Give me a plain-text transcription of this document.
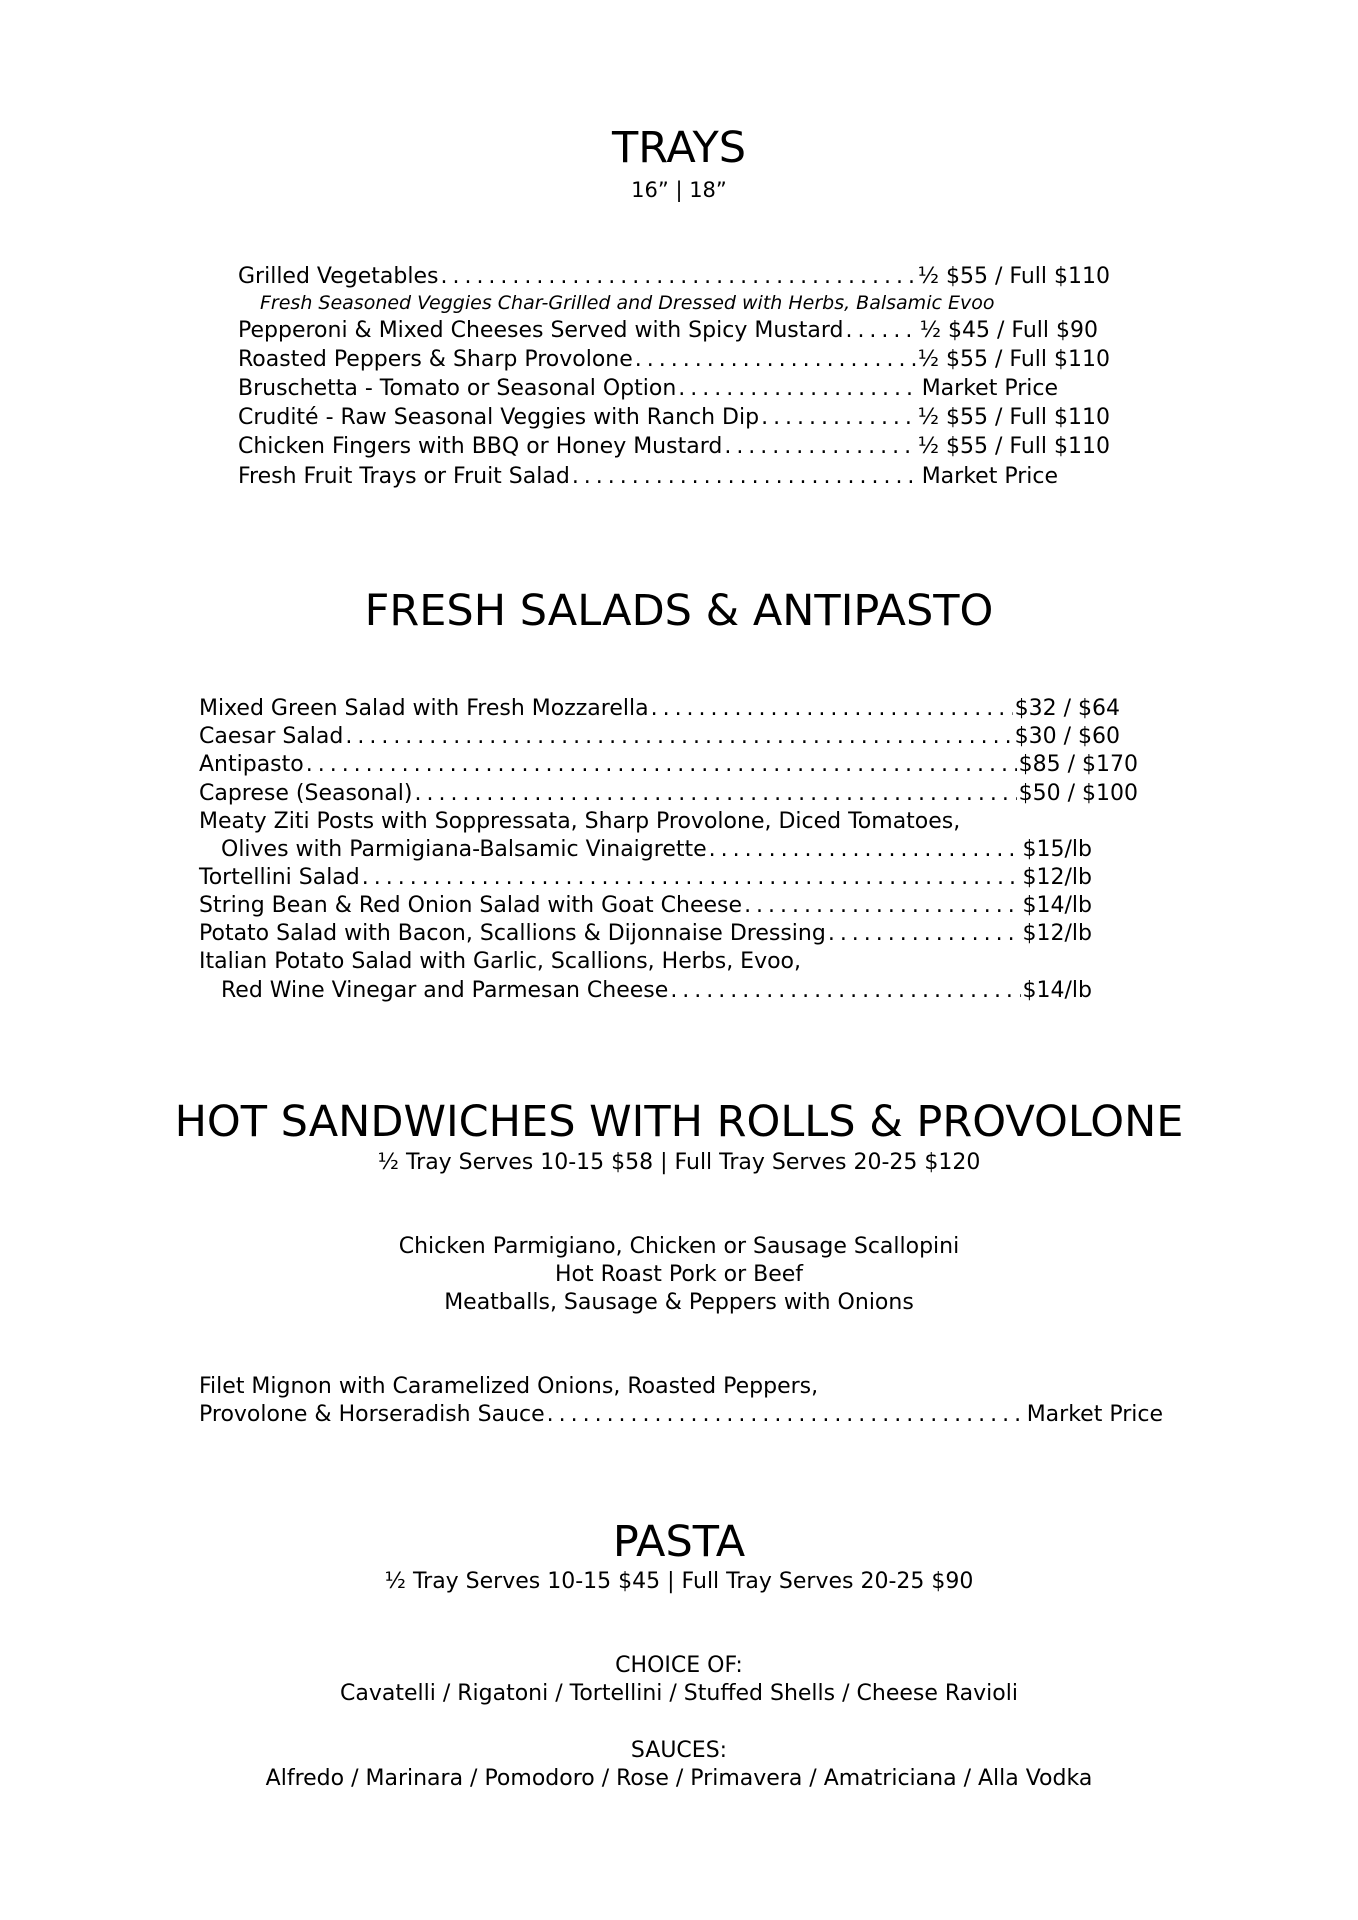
TRAYS
16” | 18”
Grilled Vegetables . . .	½ $55 / Full $110
Fresh Seasoned Veggies Char-Grilled and Dressed with Herbs, Balsamic Evoo
Pepperoni & Mixed Cheeses Served with Spicy Mustard . . .	½ $45 / Full $90
Roasted Peppers & Sharp Provolone . . .	½ $55 / Full $110
Bruschetta - Tomato or Seasonal Option . . .	Market Price
Crudité - Raw Seasonal Veggies with Ranch Dip . . .	½ $55 / Full $110
Chicken Fingers with BBQ or Honey Mustard . . .	½ $55 / Full $110
Fresh Fruit Trays or Fruit Salad . . .	Market Price
FRESH SALADS & ANTIPASTO
Mixed Green Salad with Fresh Mozzarella . . .	$32 / $64
Caesar Salad . . .	$30 / $60
Antipasto . . .	$85 / $170
Caprese (Seasonal) . . .	$50 / $100
Meaty Ziti Posts with Soppressata, Sharp Provolone, Diced Tomatoes,
Olives with Parmigiana-Balsamic Vinaigrette . . .	$15/lb
Tortellini Salad . . .	$12/lb
String Bean & Red Onion Salad with Goat Cheese . . .	$14/lb
Potato Salad with Bacon, Scallions & Dijonnaise Dressing . . .	$12/lb
Italian Potato Salad with Garlic, Scallions, Herbs, Evoo,
Red Wine Vinegar and Parmesan Cheese . . .	$14/lb
HOT SANDWICHES WITH ROLLS & PROVOLONE
½ Tray Serves 10-15 $58 | Full Tray Serves 20-25 $120
Chicken Parmigiano, Chicken or Sausage Scallopini
Hot Roast Pork or Beef
Meatballs, Sausage & Peppers with Onions
Filet Mignon with Caramelized Onions, Roasted Peppers,
Provolone & Horseradish Sauce . . .	Market Price
PASTA
½ Tray Serves 10-15 $45 | Full Tray Serves 20-25 $90
CHOICE OF:
Cavatelli / Rigatoni / Tortellini / Stuffed Shells / Cheese Ravioli
SAUCES:
Alfredo / Marinara / Pomodoro / Rose / Primavera / Amatriciana / Alla Vodka
